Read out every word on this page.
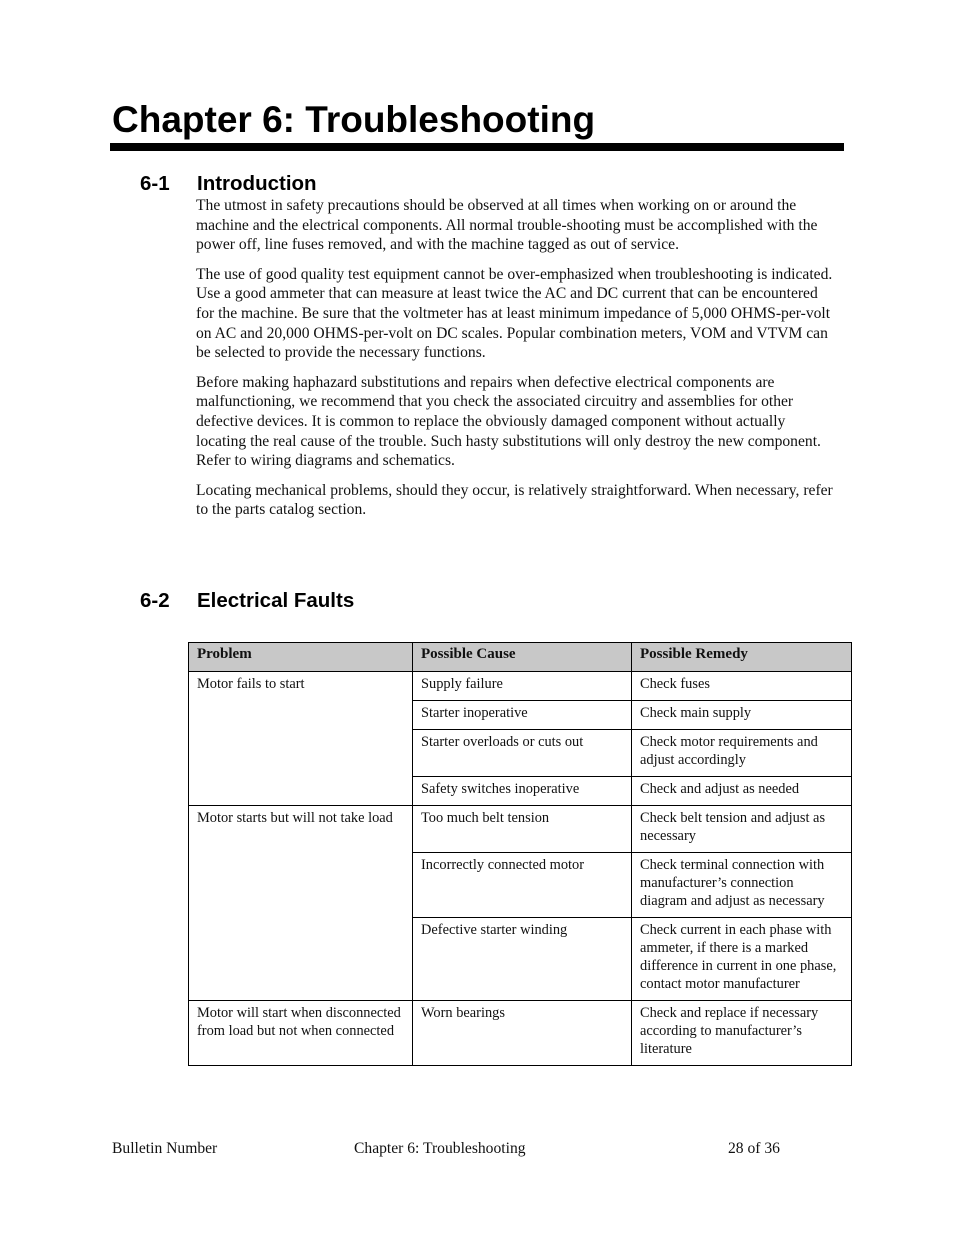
Chapter 6: Troubleshooting
6-1 Introduction

The utmost in safety precautions should be observed at all times when working on or around the machine and the electrical components. All normal trouble-shooting must be accomplished with the power off, line fuses removed, and with the machine tagged as out of service.

The use of good quality test equipment cannot be over-emphasized when troubleshooting is indicated. Use a good ammeter that can measure at least twice the AC and DC current that can be encountered for the machine. Be sure that the voltmeter has at least minimum impedance of 5,000 OHMS-per-volt on AC and 20,000 OHMS-per-volt on DC scales. Popular combination meters, VOM and VTVM can be selected to provide the necessary functions.

Before making haphazard substitutions and repairs when defective electrical components are malfunctioning, we recommend that you check the associated circuitry and assemblies for other defective devices. It is common to replace the obviously damaged component without actually locating the real cause of the trouble. Such hasty substitutions will only destroy the new component. Refer to wiring diagrams and schematics.

Locating mechanical problems, should they occur, is relatively straightforward. When necessary, refer to the parts catalog section.

6-2 Electrical Faults
Problem	Possible Cause	Possible Remedy
Motor fails to start	Supply failure	Check fuses
	Starter inoperative	Check main supply
	Starter overloads or cuts out	Check motor requirements and adjust accordingly
	Safety switches inoperative	Check and adjust as needed
Motor starts but will not take load	Too much belt tension	Check belt tension and adjust as necessary
	Incorrectly connected motor	Check terminal connection with manufacturer’s connection diagram and adjust as necessary
	Defective starter winding	Check current in each phase with ammeter, if there is a marked difference in current in one phase, contact motor manufacturer
Motor will start when disconnected from load but not when connected	Worn bearings	Check and replace if necessary according to manufacturer’s literature
Bulletin Number	Chapter 6: Troubleshooting	28 of 36
